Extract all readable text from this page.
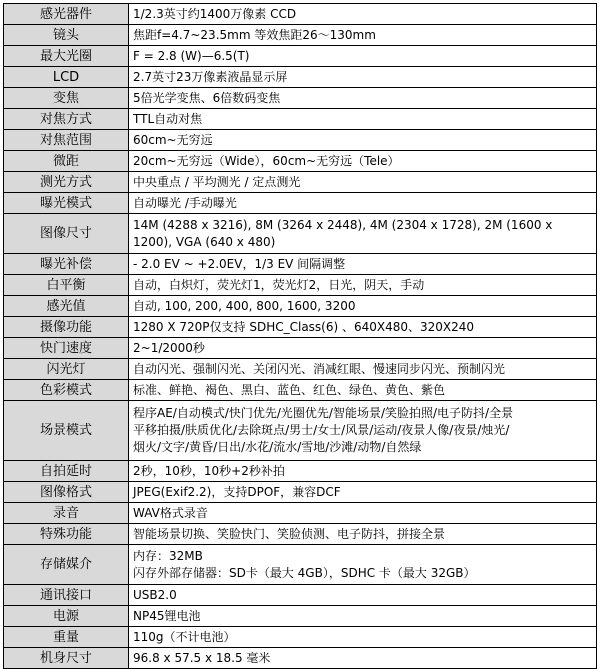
感光器件	1/2.3英寸约1400万像素 CCD

镜头	焦距f=4.7~23.5mm 等效焦距26～130mm

最大光圈	F = 2.8 (W)—6.5(T)

LCD	2.7英寸23万像素液晶显示屏

变焦	5倍光学变焦、6倍数码变焦

对焦方式	TTL自动对焦

对焦范围	60cm~无穷远

微距	20cm~无穷远（Wide），60cm~无穷远（Tele）

测光方式	中央重点 / 平均测光 / 定点测光

曝光模式	自动曝光 /手动曝光

图像尺寸	14M (4288 x 3216), 8M (3264 x 2448), 4M (2304 x 1728), 2M (1600 x
1200), VGA (640 x 480)

曝光补偿	- 2.0 EV ~ +2.0EV，1/3 EV 间隔调整

白平衡	自动，白炽灯，荧光灯1，荧光灯2，日光，阴天，手动

感光值	自动, 100, 200, 400, 800, 1600, 3200

摄像功能	1280 X 720P仅支持 SDHC_Class(6) 、640X480、320X240

快门速度	2~1/2000秒

闪光灯	自动闪光、强制闪光、关闭闪光、消减红眼、慢速同步闪光、预制闪光

色彩模式	标准、鲜艳、褐色、黑白、蓝色、红色、绿色、黄色、紫色

场景模式	程序AE/自动模式/快门优先/光圈优先/智能场景/笑脸拍照/电子防抖/全景
平移拍摄/肤质优化/去除斑点/男士/女士/风景/运动/夜景人像/夜景/烛光/
烟火/文字/黄昏/日出/水花/流水/雪地/沙滩/动物/自然绿

自拍延时	2秒，10秒，10秒+2秒补拍

图像格式	JPEG(Exif2.2)，支持DPOF，兼容DCF

录音	WAV格式录音

特殊功能	智能场景切换、笑脸快门、笑脸侦测、电子防抖，拼接全景

存储媒介	内存：32MB
闪存外部存储器：SD卡（最大 4GB），SDHC 卡（最大 32GB）

通讯接口	USB2.0

电源	NP45锂电池

重量	110g（不计电池）

机身尺寸	96.8 x 57.5 x 18.5 毫米
